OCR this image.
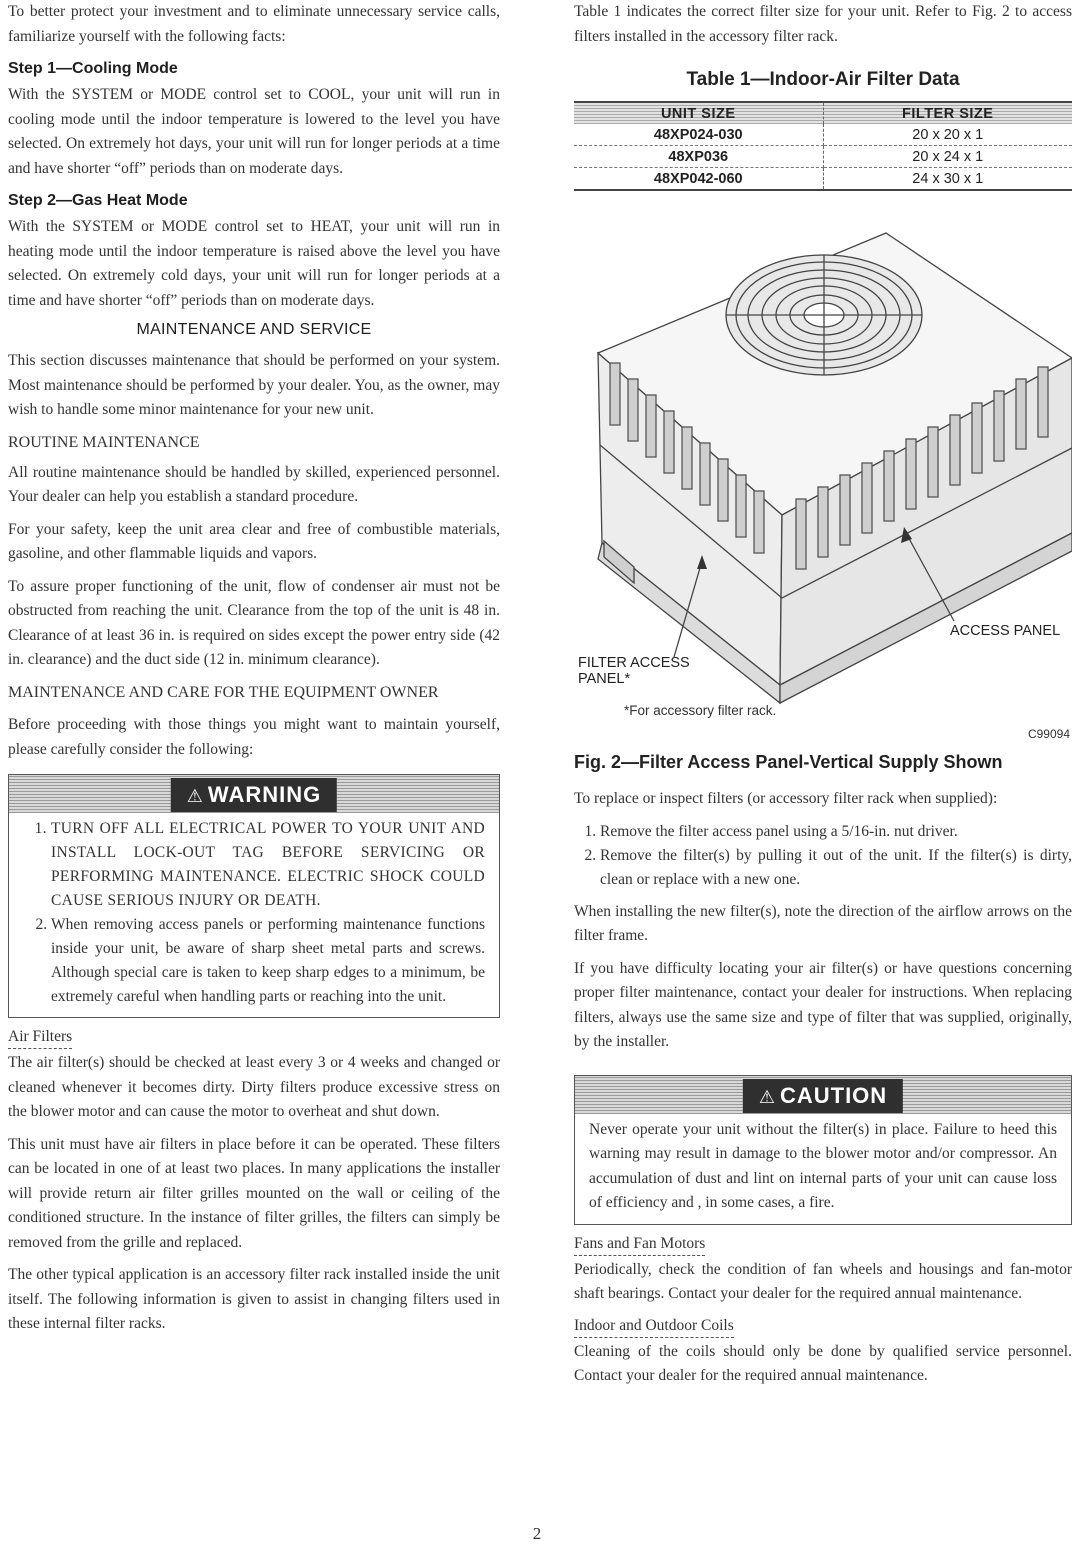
To better protect your investment and to eliminate unnecessary service calls, familiarize yourself with the following facts:

Step 1—Cooling Mode

With the SYSTEM or MODE control set to COOL, your unit will run in cooling mode until the indoor temperature is lowered to the level you have selected. On extremely hot days, your unit will run for longer periods at a time and have shorter “off” periods than on moderate days.

Step 2—Gas Heat Mode

With the SYSTEM or MODE control set to HEAT, your unit will run in heating mode until the indoor temperature is raised above the level you have selected. On extremely cold days, your unit will run for longer periods at a time and have shorter “off” periods than on moderate days.

MAINTENANCE AND SERVICE

This section discusses maintenance that should be performed on your system. Most maintenance should be performed by your dealer. You, as the owner, may wish to handle some minor maintenance for your new unit.

ROUTINE MAINTENANCE

All routine maintenance should be handled by skilled, experienced personnel. Your dealer can help you establish a standard procedure.

For your safety, keep the unit area clear and free of combustible materials, gasoline, and other flammable liquids and vapors.

To assure proper functioning of the unit, flow of condenser air must not be obstructed from reaching the unit. Clearance from the top of the unit is 48 in. Clearance of at least 36 in. is required on sides except the power entry side (42 in. clearance) and the duct side (12 in. minimum clearance).

MAINTENANCE AND CARE FOR THE EQUIPMENT OWNER

Before proceeding with those things you might want to maintain yourself, please carefully consider the following:

⚠ WARNING
1. TURN OFF ALL ELECTRICAL POWER TO YOUR UNIT AND INSTALL LOCK-OUT TAG BEFORE SERVICING OR PERFORMING MAINTENANCE. ELECTRIC SHOCK COULD CAUSE SERIOUS INJURY OR DEATH.
2. When removing access panels or performing maintenance functions inside your unit, be aware of sharp sheet metal parts and screws. Although special care is taken to keep sharp edges to a minimum, be extremely careful when handling parts or reaching into the unit.
Air Filters

The air filter(s) should be checked at least every 3 or 4 weeks and changed or cleaned whenever it becomes dirty. Dirty filters produce excessive stress on the blower motor and can cause the motor to overheat and shut down.

This unit must have air filters in place before it can be operated. These filters can be located in one of at least two places. In many applications the installer will provide return air filter grilles mounted on the wall or ceiling of the conditioned structure. In the instance of filter grilles, the filters can simply be removed from the grille and replaced.

The other typical application is an accessory filter rack installed inside the unit itself. The following information is given to assist in changing filters used in these internal filter racks.

Table 1 indicates the correct filter size for your unit. Refer to Fig. 2 to access filters installed in the accessory filter rack.

Table 1—Indoor-Air Filter Data
UNIT SIZE	FILTER SIZE
48XP024-030	20 x 20 x 1
48XP036	20 x 24 x 1
48XP042-060	24 x 30 x 1
ACCESS PANEL
FILTER ACCESS
PANEL*
*For accessory filter rack.
C99094
Fig. 2—Filter Access Panel-Vertical Supply Shown

To replace or inspect filters (or accessory filter rack when supplied):

1. Remove the filter access panel using a 5/16-in. nut driver.
2. Remove the filter(s) by pulling it out of the unit. If the filter(s) is dirty, clean or replace with a new one.

When installing the new filter(s), note the direction of the airflow arrows on the filter frame.

If you have difficulty locating your air filter(s) or have questions concerning proper filter maintenance, contact your dealer for instructions. When replacing filters, always use the same size and type of filter that was supplied, originally, by the installer.

⚠ CAUTION

Never operate your unit without the filter(s) in place. Failure to heed this warning may result in damage to the blower motor and/or compressor. An accumulation of dust and lint on internal parts of your unit can cause loss of efficiency and , in some cases, a fire.

Fans and Fan Motors

Periodically, check the condition of fan wheels and housings and fan-motor shaft bearings. Contact your dealer for the required annual maintenance.

Indoor and Outdoor Coils

Cleaning of the coils should only be done by qualified service personnel. Contact your dealer for the required annual maintenance.

2
